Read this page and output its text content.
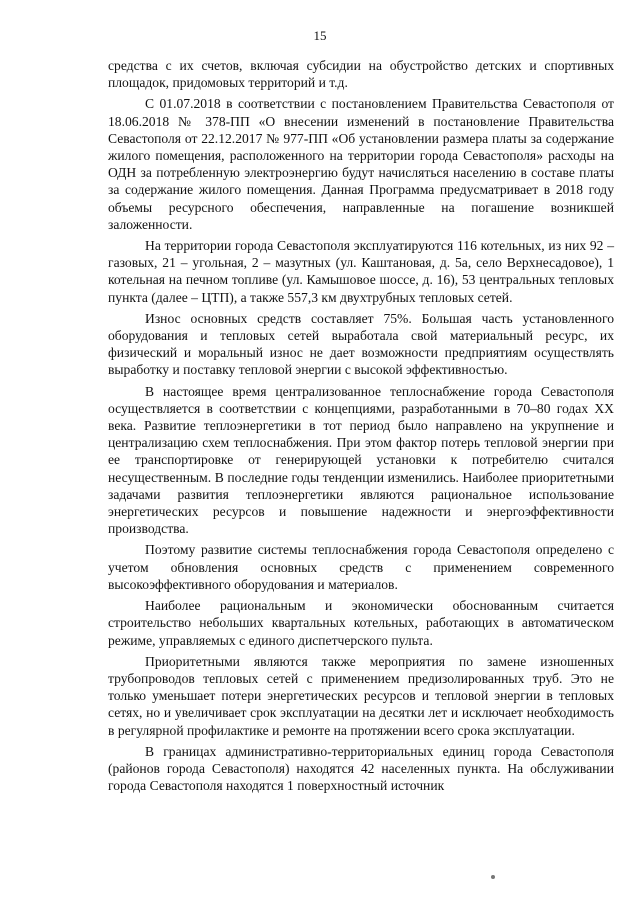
15

средства с их счетов, включая субсидии на обустройство детских и спортивных площадок, придомовых территорий и т.д.

С 01.07.2018 в соответствии с постановлением Правительства Севастополя от 18.06.2018 № 378-ПП «О внесении изменений в постановление Правительства Севастополя от 22.12.2017 № 977-ПП «Об установлении размера платы за содержание жилого помещения, расположенного на территории города Севастополя» расходы на ОДН за потребленную электроэнергию будут начисляться населению в составе платы за содержание жилого помещения. Данная Программа предусматривает в 2018 году объемы ресурсного обеспечения, направленные на погашение возникшей заложенности.

На территории города Севастополя эксплуатируются 116 котельных, из них 92 – газовых, 21 – угольная, 2 – мазутных (ул. Каштановая, д. 5а, село Верхнесадовое), 1 котельная на печном топливе (ул. Камышовое шоссе, д. 16), 53 центральных тепловых пункта (далее – ЦТП), а также 557,3 км двухтрубных тепловых сетей.

Износ основных средств составляет 75%. Большая часть установленного оборудования и тепловых сетей выработала свой материальный ресурс, их физический и моральный износ не дает возможности предприятиям осуществлять выработку и поставку тепловой энергии с высокой эффективностью.

В настоящее время централизованное теплоснабжение города Севастополя осуществляется в соответствии с концепциями, разработанными в 70–80 годах XX века. Развитие теплоэнергетики в тот период было направлено на укрупнение и централизацию схем теплоснабжения. При этом фактор потерь тепловой энергии при ее транспортировке от генерирующей установки к потребителю считался несущественным. В последние годы тенденции изменились. Наиболее приоритетными задачами развития теплоэнергетики являются рациональное использование энергетических ресурсов и повышение надежности и энергоэффективности производства.

Поэтому развитие системы теплоснабжения города Севастополя определено с учетом обновления основных средств с применением современного высокоэффективного оборудования и материалов.

Наиболее рациональным и экономически обоснованным считается строительство небольших квартальных котельных, работающих в автоматическом режиме, управляемых с единого диспетчерского пульта.

Приоритетными являются также мероприятия по замене изношенных трубопроводов тепловых сетей с применением предизолированных труб. Это не только уменьшает потери энергетических ресурсов и тепловой энергии в тепловых сетях, но и увеличивает срок эксплуатации на десятки лет и исключает необходимость в регулярной профилактике и ремонте на протяжении всего срока эксплуатации.

В границах административно-территориальных единиц города Севастополя (районов города Севастополя) находятся 42 населенных пункта. На обслуживании города Севастополя находятся 1 поверхностный источник
